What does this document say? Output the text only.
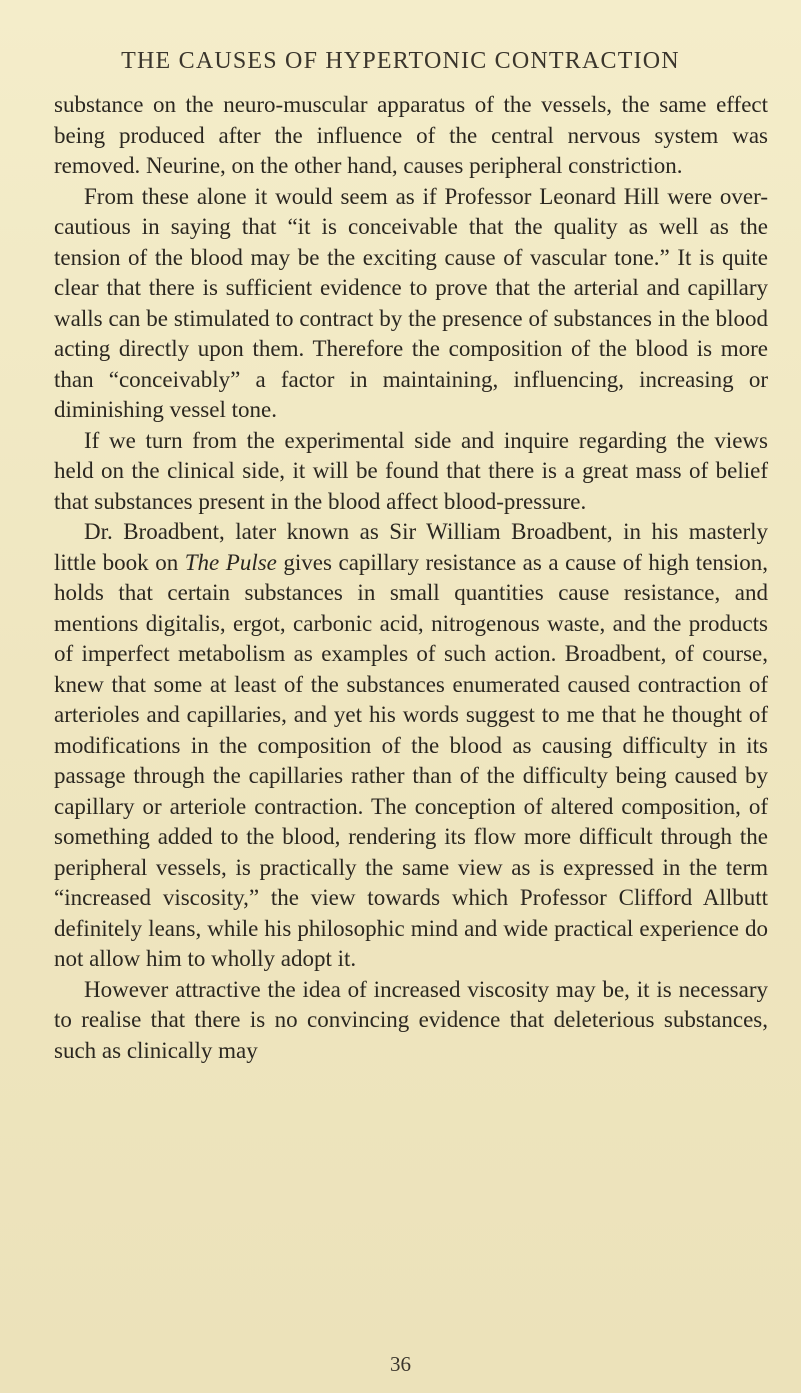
THE CAUSES OF HYPERTONIC CONTRACTION

substance on the neuro-muscular apparatus of the vessels, the same effect being produced after the influence of the central nervous system was removed. Neurine, on the other hand, causes peripheral constriction.

From these alone it would seem as if Professor Leonard Hill were over-cautious in saying that “it is conceivable that the quality as well as the tension of the blood may be the exciting cause of vascular tone.” It is quite clear that there is sufficient evidence to prove that the arterial and capillary walls can be stimulated to contract by the presence of substances in the blood acting directly upon them. Therefore the composition of the blood is more than “conceivably” a factor in maintaining, influencing, increasing or diminishing vessel tone.

If we turn from the experimental side and inquire regarding the views held on the clinical side, it will be found that there is a great mass of belief that substances present in the blood affect blood-pressure.

Dr. Broadbent, later known as Sir William Broadbent, in his masterly little book on The Pulse gives capillary resistance as a cause of high tension, holds that certain substances in small quantities cause resistance, and mentions digitalis, ergot, carbonic acid, nitrogenous waste, and the products of imperfect metabolism as examples of such action. Broadbent, of course, knew that some at least of the substances enumerated caused contraction of arterioles and capillaries, and yet his words suggest to me that he thought of modifications in the composition of the blood as causing difficulty in its passage through the capillaries rather than of the difficulty being caused by capillary or arteriole contraction. The conception of altered composition, of something added to the blood, rendering its flow more difficult through the peripheral vessels, is practically the same view as is expressed in the term “increased viscosity,” the view towards which Professor Clifford Allbutt definitely leans, while his philosophic mind and wide practical experience do not allow him to wholly adopt it.

However attractive the idea of increased viscosity may be, it is necessary to realise that there is no convincing evidence that deleterious substances, such as clinically may

36
